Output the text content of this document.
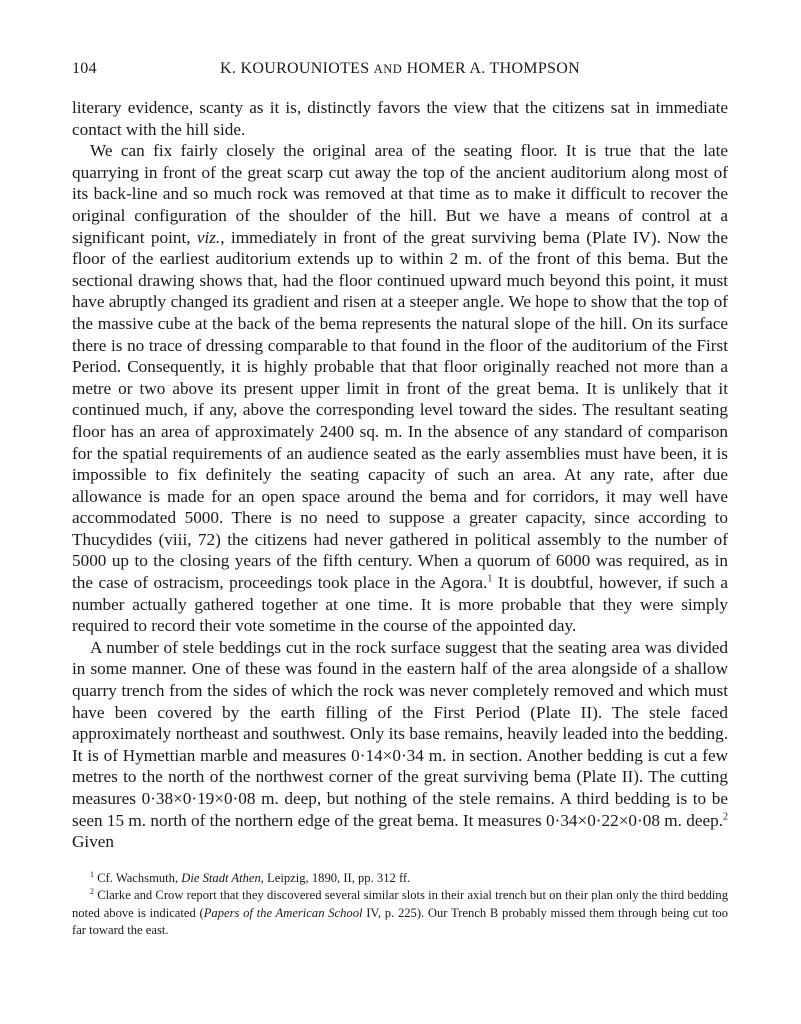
104	K. KOUROUNIOTES AND HOMER A. THOMPSON

literary evidence, scanty as it is, distinctly favors the view that the citizens sat in immediate contact with the hill side.

We can fix fairly closely the original area of the seating floor. It is true that the late quarrying in front of the great scarp cut away the top of the ancient auditorium along most of its back-line and so much rock was removed at that time as to make it difficult to recover the original configuration of the shoulder of the hill. But we have a means of control at a significant point, viz., immediately in front of the great surviving bema (Plate IV). Now the floor of the earliest auditorium extends up to within 2 m. of the front of this bema. But the sectional drawing shows that, had the floor continued upward much beyond this point, it must have abruptly changed its gradient and risen at a steeper angle. We hope to show that the top of the massive cube at the back of the bema represents the natural slope of the hill. On its surface there is no trace of dressing comparable to that found in the floor of the auditorium of the First Period. Consequently, it is highly probable that that floor originally reached not more than a metre or two above its present upper limit in front of the great bema. It is unlikely that it continued much, if any, above the corresponding level toward the sides. The resultant seating floor has an area of approximately 2400 sq. m. In the absence of any standard of comparison for the spatial requirements of an audience seated as the early assemblies must have been, it is impossible to fix definitely the seating capacity of such an area. At any rate, after due allowance is made for an open space around the bema and for corridors, it may well have accommodated 5000. There is no need to suppose a greater capacity, since according to Thucydides (viii, 72) the citizens had never gathered in political assembly to the number of 5000 up to the closing years of the fifth century. When a quorum of 6000 was required, as in the case of ostracism, proceedings took place in the Agora.$^1$ It is doubtful, however, if such a number actually gathered together at one time. It is more probable that they were simply required to record their vote sometime in the course of the appointed day.

A number of stele beddings cut in the rock surface suggest that the seating area was divided in some manner. One of these was found in the eastern half of the area alongside of a shallow quarry trench from the sides of which the rock was never completely removed and which must have been covered by the earth filling of the First Period (Plate II). The stele faced approximately northeast and southwest. Only its base remains, heavily leaded into the bedding. It is of Hymettian marble and measures 0·14×0·34 m. in section. Another bedding is cut a few metres to the north of the northwest corner of the great surviving bema (Plate II). The cutting measures 0·38×0·19×0·08 m. deep, but nothing of the stele remains. A third bedding is to be seen 15 m. north of the northern edge of the great bema. It measures 0·34×0·22×0·08 m. deep.$^2$ Given

$^1$ Cf. Wachsmuth, Die Stadt Athen, Leipzig, 1890, II, pp. 312 ff.

$^2$ Clarke and Crow report that they discovered several similar slots in their axial trench but on their plan only the third bedding noted above is indicated (Papers of the American School IV, p. 225). Our Trench B probably missed them through being cut too far toward the east.
